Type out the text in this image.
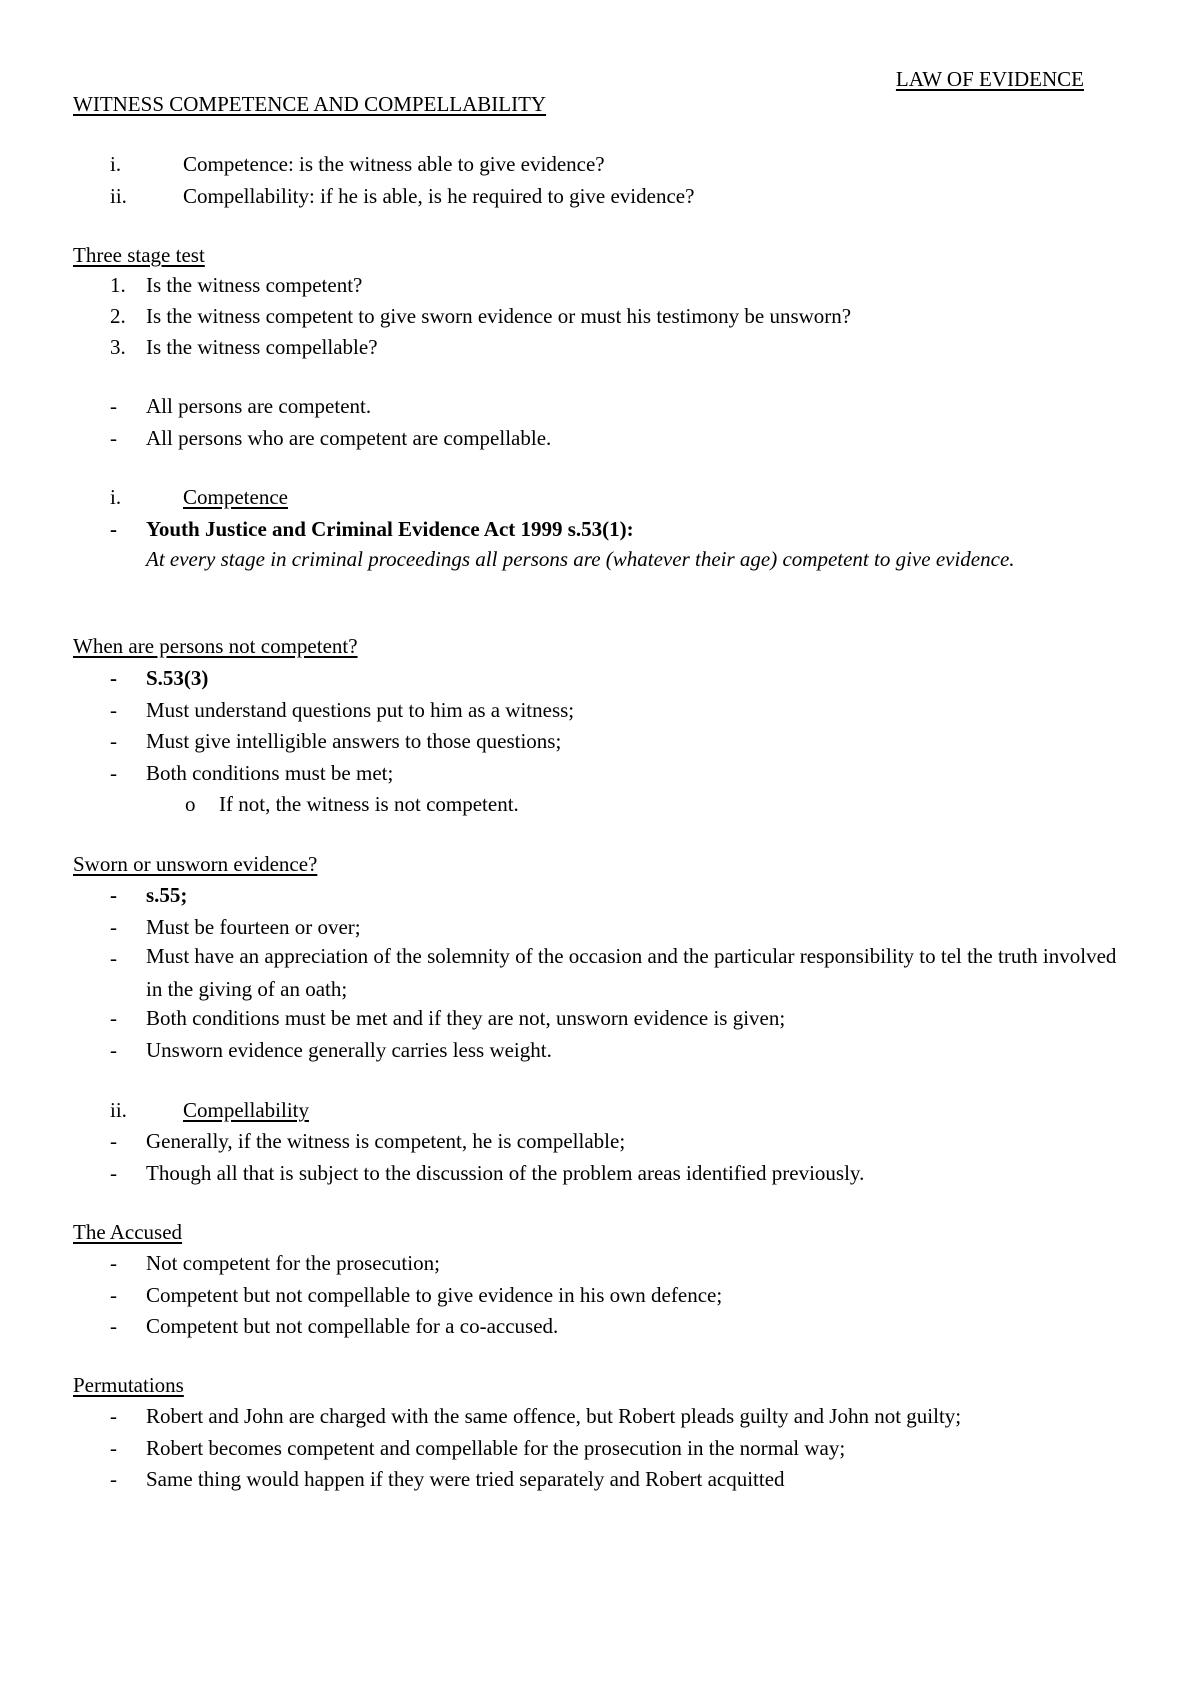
LAW OF EVIDENCE
WITNESS COMPETENCE AND COMPELLABILITY
i.	Competence: is the witness able to give evidence?
ii.	Compellability: if he is able, is he required to give evidence?
Three stage test
1. Is the witness competent?
2. Is the witness competent to give sworn evidence or must his testimony be unsworn?
3. Is the witness compellable?
- All persons are competent.
- All persons who are competent are compellable.
i.	Competence
- Youth Justice and Criminal Evidence Act 1999 s.53(1):
At every stage in criminal proceedings all persons are (whatever their age) competent to give evidence.
When are persons not competent?
- S.53(3)
- Must understand questions put to him as a witness;
- Must give intelligible answers to those questions;
- Both conditions must be met;
o If not, the witness is not competent.
Sworn or unsworn evidence?
- s.55;
- Must be fourteen or over;
- Must have an appreciation of the solemnity of the occasion and the particular responsibility to tel the truth involved in the giving of an oath;
- Both conditions must be met and if they are not, unsworn evidence is given;
- Unsworn evidence generally carries less weight.
ii.	Compellability
- Generally, if the witness is competent, he is compellable;
- Though all that is subject to the discussion of the problem areas identified previously.
The Accused
- Not competent for the prosecution;
- Competent but not compellable to give evidence in his own defence;
- Competent but not compellable for a co-accused.
Permutations
- Robert and John are charged with the same offence, but Robert pleads guilty and John not guilty;
- Robert becomes competent and compellable for the prosecution in the normal way;
- Same thing would happen if they were tried separately and Robert acquitted
